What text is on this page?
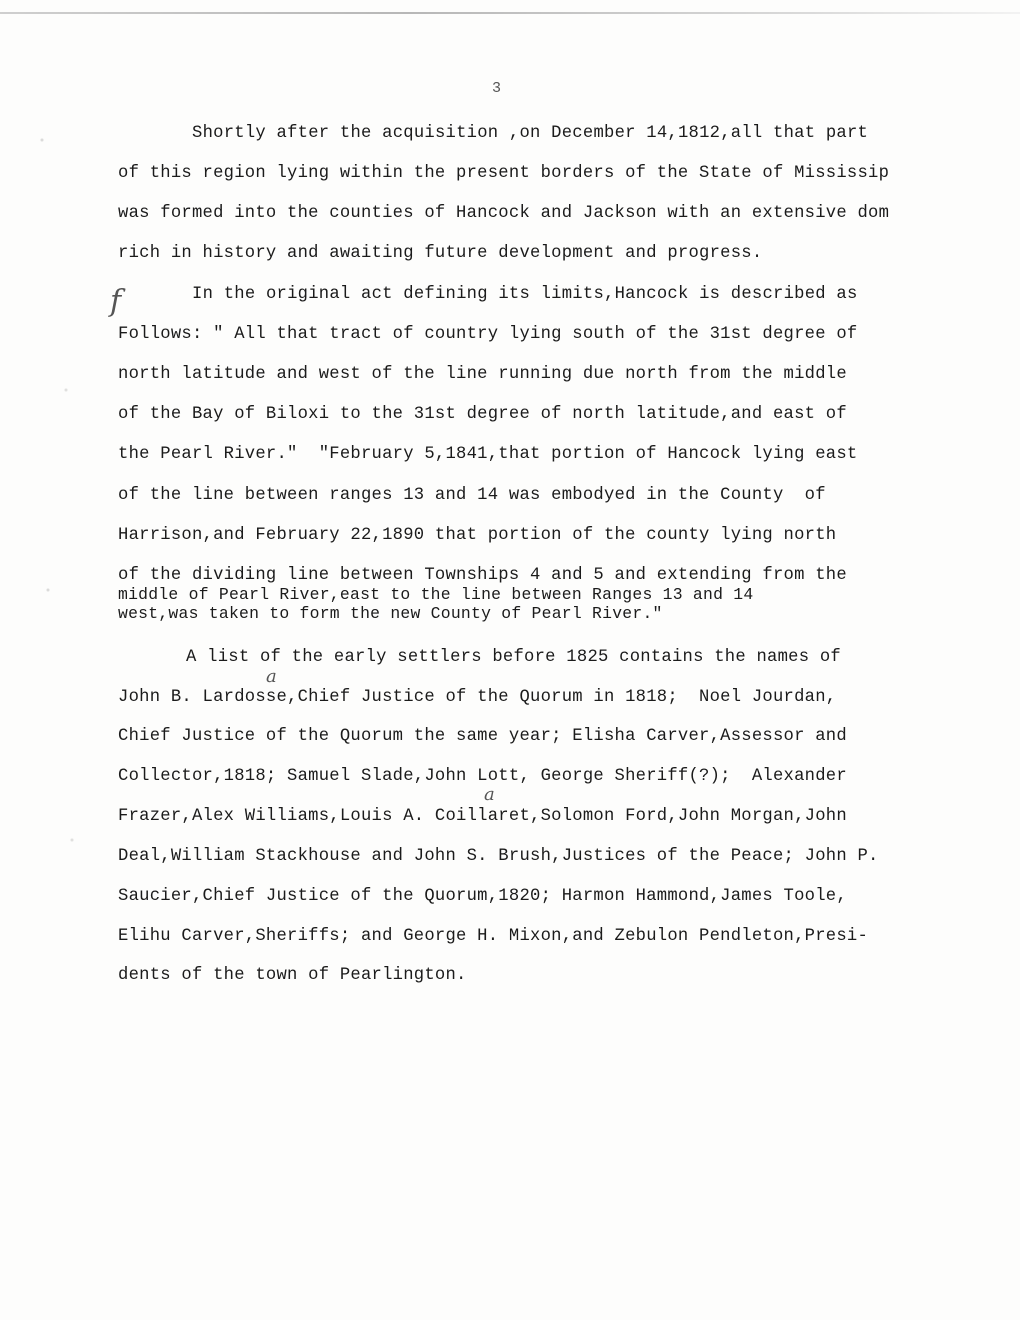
3
Shortly after the acquisition ,on December 14,1812,all that part
of this region lying within the present borders of the State of Mississip
was formed into the counties of Hancock and Jackson with an extensive dom
rich in history and awaiting future development and progress.
f	In the original act defining its limits,Hancock is described as
Follows: " All that tract of country lying south of the 31st degree of
north latitude and west of the line running due north from the middle
of the Bay of Biloxi to the 31st degree of north latitude,and east of
the Pearl River."  "February 5,1841,that portion of Hancock lying east
of the line between ranges 13 and 14 was embodyed in the County  of
Harrison,and February 22,1890 that portion of the county lying north
of the dividing line between Townships 4 and 5 and extending from the
middle of Pearl River,east to the line between Ranges 13 and 14
west,was taken to form the new County of Pearl River."
A list of the early settlers before 1825 contains the names of
a
John B. Lardosse,Chief Justice of the Quorum in 1818;  Noel Jourdan,
Chief Justice of the Quorum the same year; Elisha Carver,Assessor and
Collector,1818; Samuel Slade,John Lott, George Sheriff(?);  Alexander
a
Frazer,Alex Williams,Louis A. Coillaret,Solomon Ford,John Morgan,John
Deal,William Stackhouse and John S. Brush,Justices of the Peace; John P.
Saucier,Chief Justice of the Quorum,1820; Harmon Hammond,James Toole,
Elihu Carver,Sheriffs; and George H. Mixon,and Zebulon Pendleton,Presi-
dents of the town of Pearlington.
